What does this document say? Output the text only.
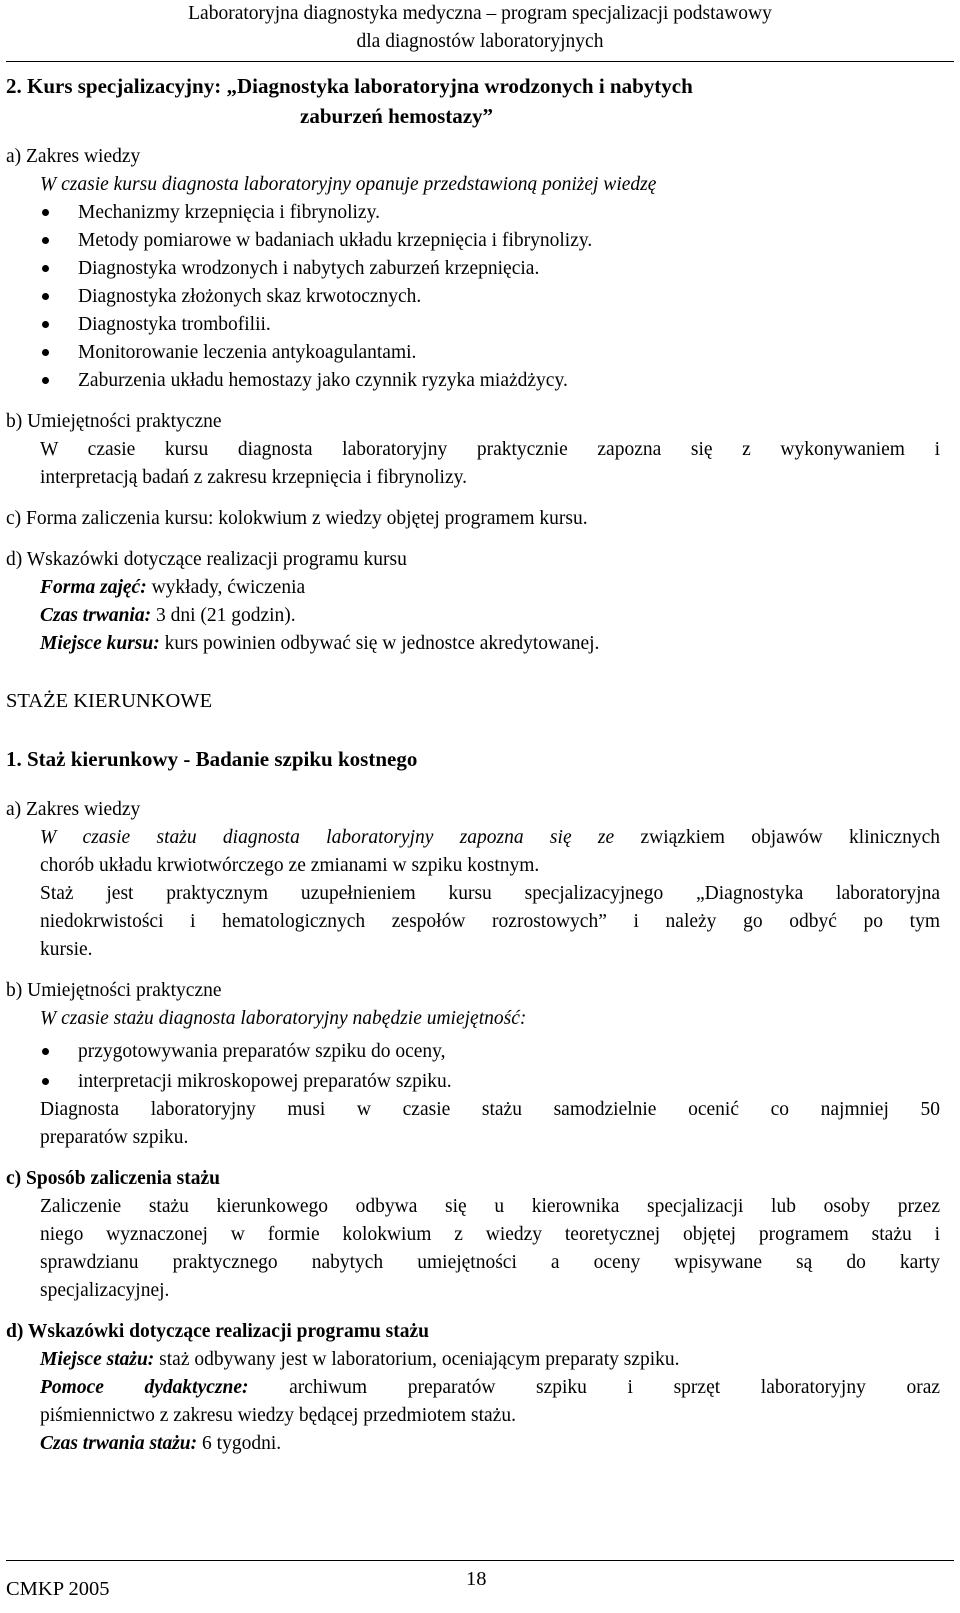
Laboratoryjna diagnostyka medyczna – program specjalizacji podstawowy
dla diagnostów laboratoryjnych
2. Kurs specjalizacyjny: „Diagnostyka laboratoryjna wrodzonych i nabytych
zaburzeń hemostazy”
a) Zakres wiedzy
W czasie kursu diagnosta laboratoryjny opanuje przedstawioną poniżej wiedzę
Mechanizmy krzepnięcia i fibrynolizy.
Metody pomiarowe w badaniach układu krzepnięcia i fibrynolizy.
Diagnostyka wrodzonych i nabytych zaburzeń krzepnięcia.
Diagnostyka złożonych skaz krwotocznych.
Diagnostyka trombofilii.
Monitorowanie leczenia antykoagulantami.
Zaburzenia układu hemostazy jako czynnik ryzyka miażdżycy.
b) Umiejętności praktyczne
W czasie kursu diagnosta laboratoryjny praktycznie zapozna się z wykonywaniem i
interpretacją badań z zakresu krzepnięcia i fibrynolizy.
c) Forma zaliczenia kursu: kolokwium z wiedzy objętej programem kursu.
d) Wskazówki dotyczące realizacji programu kursu
Forma zajęć: wykłady, ćwiczenia
Czas trwania: 3 dni (21 godzin).
Miejsce kursu: kurs powinien odbywać się w jednostce akredytowanej.
STAŻE KIERUNKOWE
1. Staż kierunkowy - Badanie szpiku kostnego
a) Zakres wiedzy
W czasie stażu diagnosta laboratoryjny zapozna się ze związkiem objawów klinicznych
chorób układu krwiotwórczego ze zmianami w szpiku kostnym.
Staż jest praktycznym uzupełnieniem kursu specjalizacyjnego „Diagnostyka laboratoryjna
niedokrwistości i hematologicznych zespołów rozrostowych” i należy go odbyć po tym
kursie.
b) Umiejętności praktyczne
W czasie stażu diagnosta laboratoryjny nabędzie umiejętność:
przygotowywania preparatów szpiku do oceny,
interpretacji mikroskopowej preparatów szpiku.
Diagnosta laboratoryjny musi w czasie stażu samodzielnie ocenić co najmniej 50
preparatów szpiku.
c) Sposób zaliczenia stażu
Zaliczenie stażu kierunkowego odbywa się u kierownika specjalizacji lub osoby przez
niego wyznaczonej w formie kolokwium z wiedzy teoretycznej objętej programem stażu i
sprawdzianu praktycznego nabytych umiejętności a oceny wpisywane są do karty
specjalizacyjnej.
d) Wskazówki dotyczące realizacji programu stażu
Miejsce stażu: staż odbywany jest w laboratorium, oceniającym preparaty szpiku.
Pomoce dydaktyczne: archiwum preparatów szpiku i sprzęt laboratoryjny oraz
piśmiennictwo z zakresu wiedzy będącej przedmiotem stażu.
Czas trwania stażu: 6 tygodni.
CMKP 2005	18
